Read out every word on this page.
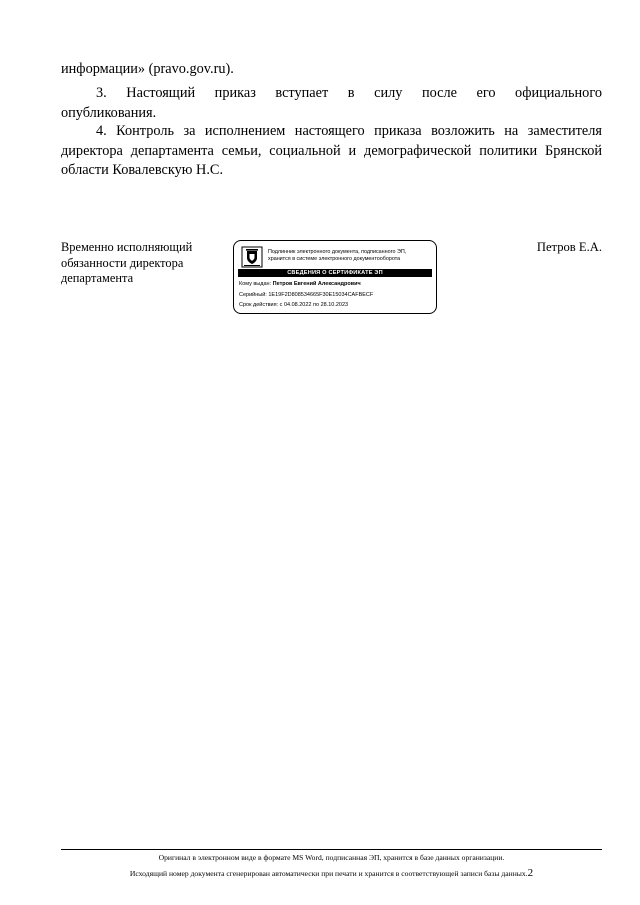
информации» (pravo.gov.ru).

3. Настоящий приказ вступает в силу после его официального

опубликования.

4. Контроль за исполнением настоящего приказа возложить на заместителя директора департамента семьи, социальной и демографической политики Брянской области Ковалевскую Н.С.

Временно исполняющий
обязанности директора
департамента
Подлинник электронного документа, подписанного ЭП,
хранится в системе электронного документооборота
СВЕДЕНИЯ О СЕРТИФИКАТЕ ЭП
Кому выдан: Петров Евгений Александрович
Серийный: 1E19F2D808534665F30E15034CAFBECF
Срок действия: с 04.08.2022 по 28.10.2023
Петров Е.А.
Оригинал в электронном виде в формате MS Word, подписанная ЭП, хранится в базе данных организации.
Исходящий номер документа сгенерирован автоматически при печати и хранится в соответствующей записи базы данных.2
